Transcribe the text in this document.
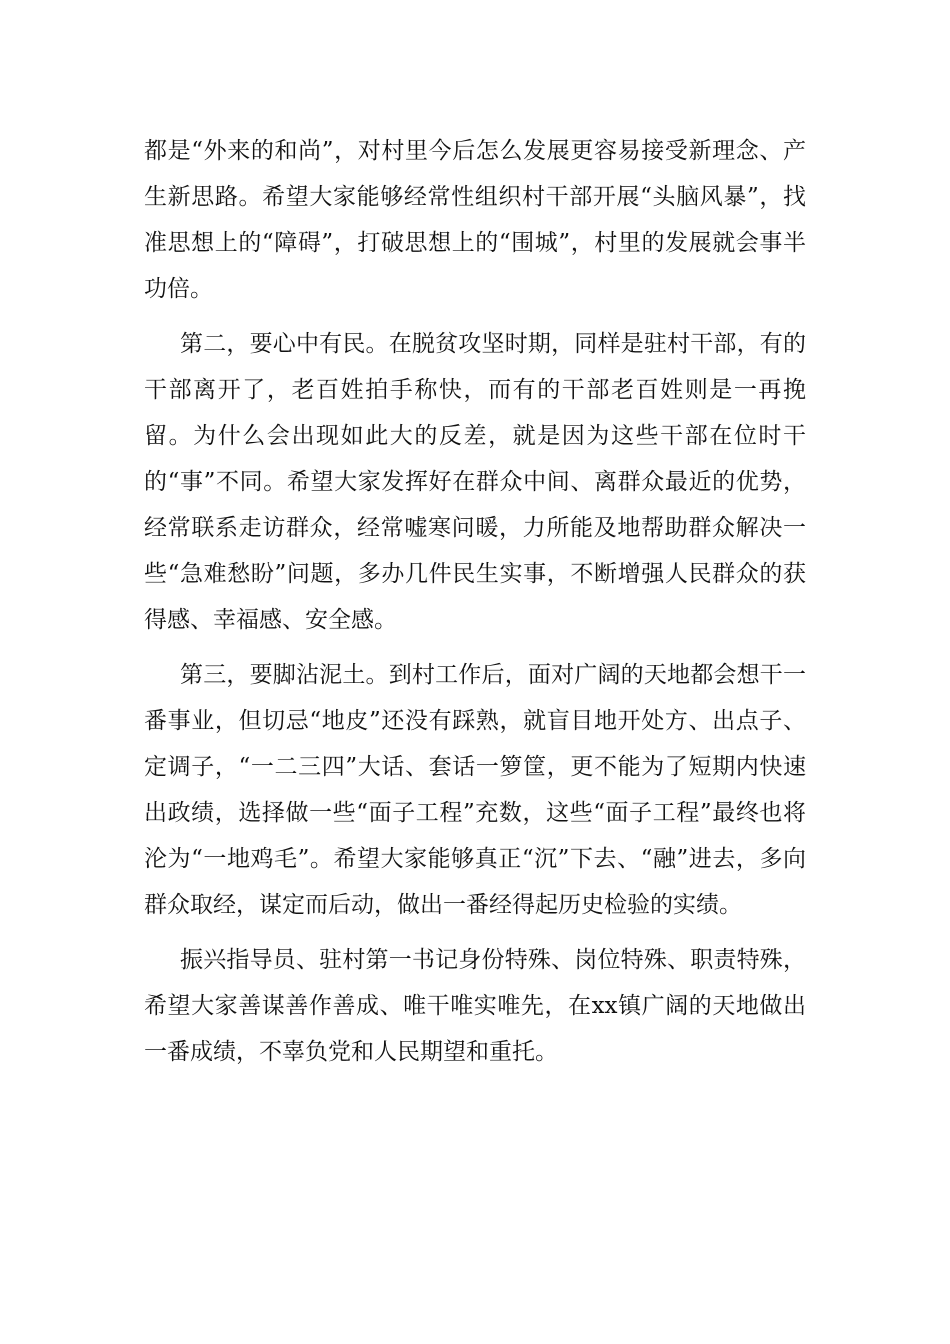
都是“外来的和尚”，对村里今后怎么发展更容易接受新理念、产生新思路。希望大家能够经常性组织村干部开展“头脑风暴”，找准思想上的“障碍”，打破思想上的“围城”，村里的发展就会事半功倍。

第二，要心中有民。在脱贫攻坚时期，同样是驻村干部，有的干部离开了，老百姓拍手称快，而有的干部老百姓则是一再挽留。为什么会出现如此大的反差，就是因为这些干部在位时干的“事”不同。希望大家发挥好在群众中间、离群众最近的优势，经常联系走访群众，经常嘘寒问暖，力所能及地帮助群众解决一些“急难愁盼”问题，多办几件民生实事，不断增强人民群众的获得感、幸福感、安全感。

第三，要脚沾泥土。到村工作后，面对广阔的天地都会想干一番事业，但切忌“地皮”还没有踩熟，就盲目地开处方、出点子、定调子，“一二三四”大话、套话一箩筐，更不能为了短期内快速出政绩，选择做一些“面子工程”充数，这些“面子工程”最终也将沦为“一地鸡毛”。希望大家能够真正“沉”下去、“融”进去，多向群众取经，谋定而后动，做出一番经得起历史检验的实绩。

振兴指导员、驻村第一书记身份特殊、岗位特殊、职责特殊，希望大家善谋善作善成、唯干唯实唯先，在xx镇广阔的天地做出一番成绩，不辜负党和人民期望和重托。
